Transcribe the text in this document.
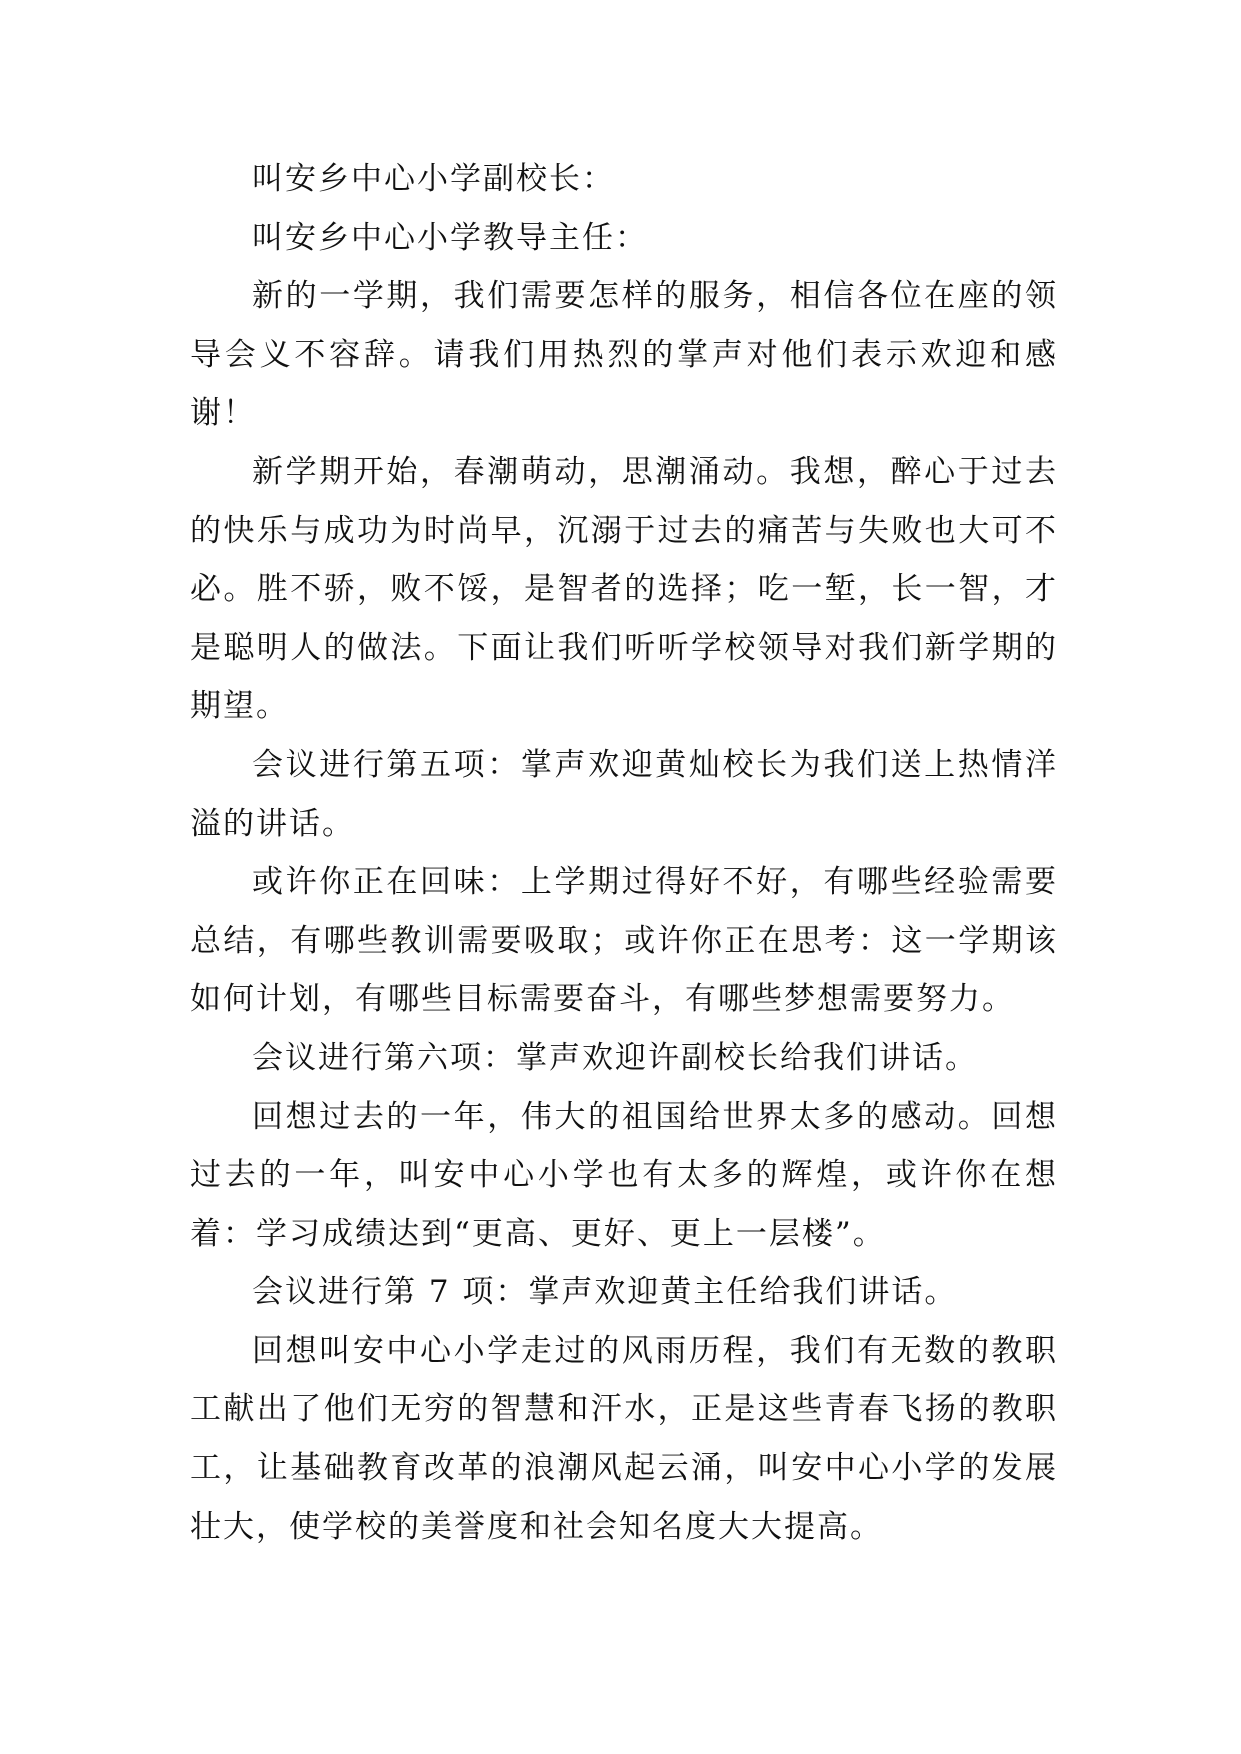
叫安乡中心小学副校长：

叫安乡中心小学教导主任：

新的一学期，我们需要怎样的服务，相信各位在座的领导会义不容辞。请我们用热烈的掌声对他们表示欢迎和感谢！

新学期开始，春潮萌动，思潮涌动。我想，醉心于过去的快乐与成功为时尚早，沉溺于过去的痛苦与失败也大可不必。胜不骄，败不馁，是智者的选择；吃一堑，长一智，才是聪明人的做法。下面让我们听听学校领导对我们新学期的期望。

会议进行第五项：掌声欢迎黄灿校长为我们送上热情洋溢的讲话。

或许你正在回味：上学期过得好不好，有哪些经验需要总结，有哪些教训需要吸取；或许你正在思考：这一学期该如何计划，有哪些目标需要奋斗，有哪些梦想需要努力。

会议进行第六项：掌声欢迎许副校长给我们讲话。

回想过去的一年，伟大的祖国给世界太多的感动。回想过去的一年，叫安中心小学也有太多的辉煌，或许你在想着：学习成绩达到“更高、更好、更上一层楼”。

会议进行第 7 项：掌声欢迎黄主任给我们讲话。

回想叫安中心小学走过的风雨历程，我们有无数的教职工献出了他们无穷的智慧和汗水，正是这些青春飞扬的教职工，让基础教育改革的浪潮风起云涌，叫安中心小学的发展壮大，使学校的美誉度和社会知名度大大提高。
